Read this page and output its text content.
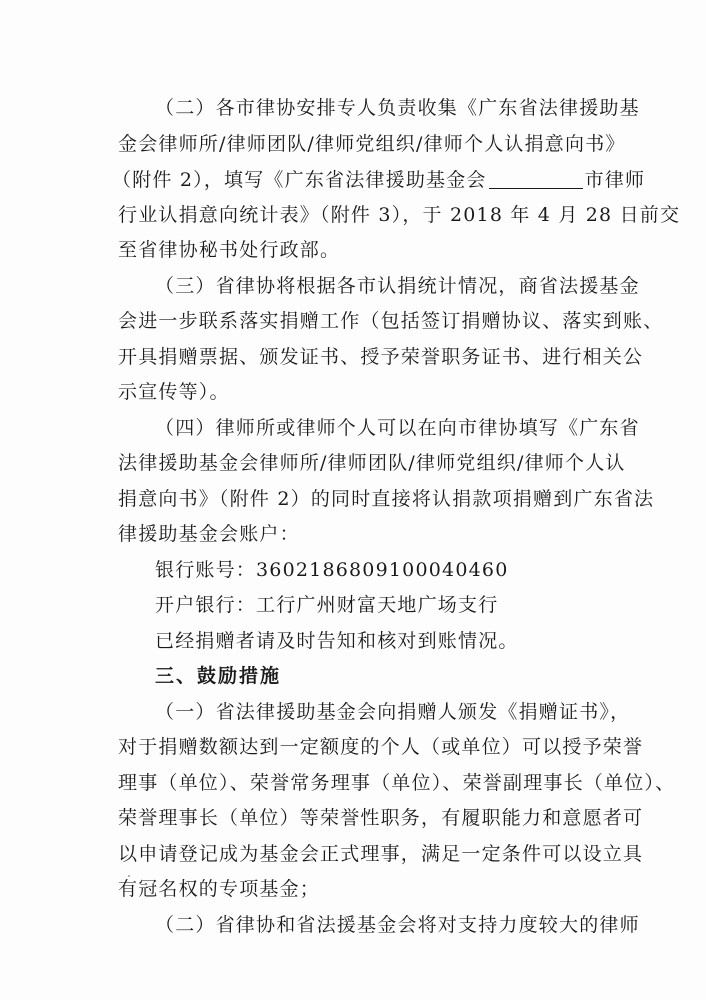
（二）各市律协安排专人负责收集《广东省法律援助基
金会律师所/律师团队/律师党组织/律师个人认捐意向书》
（附件 2），填写《广东省法律援助基金会	市律师
行业认捐意向统计表》（附件 3），于 2018 年 4 月 28 日前交
至省律协秘书处行政部。
（三）省律协将根据各市认捐统计情况，商省法援基金
会进一步联系落实捐赠工作（包括签订捐赠协议、落实到账、
开具捐赠票据、颁发证书、授予荣誉职务证书、进行相关公
示宣传等）。
（四）律师所或律师个人可以在向市律协填写《广东省
法律援助基金会律师所/律师团队/律师党组织/律师个人认
捐意向书》（附件 2）的同时直接将认捐款项捐赠到广东省法
律援助基金会账户：
银行账号：3602186809100040460
开户银行：工行广州财富天地广场支行
已经捐赠者请及时告知和核对到账情况。
三、鼓励措施
（一）省法律援助基金会向捐赠人颁发《捐赠证书》，
对于捐赠数额达到一定额度的个人（或单位）可以授予荣誉
理事（单位）、荣誉常务理事（单位）、荣誉副理事长（单位）、
荣誉理事长（单位）等荣誉性职务，有履职能力和意愿者可
以申请登记成为基金会正式理事，满足一定条件可以设立具
有冠名权的专项基金；
（二）省律协和省法援基金会将对支持力度较大的律师
